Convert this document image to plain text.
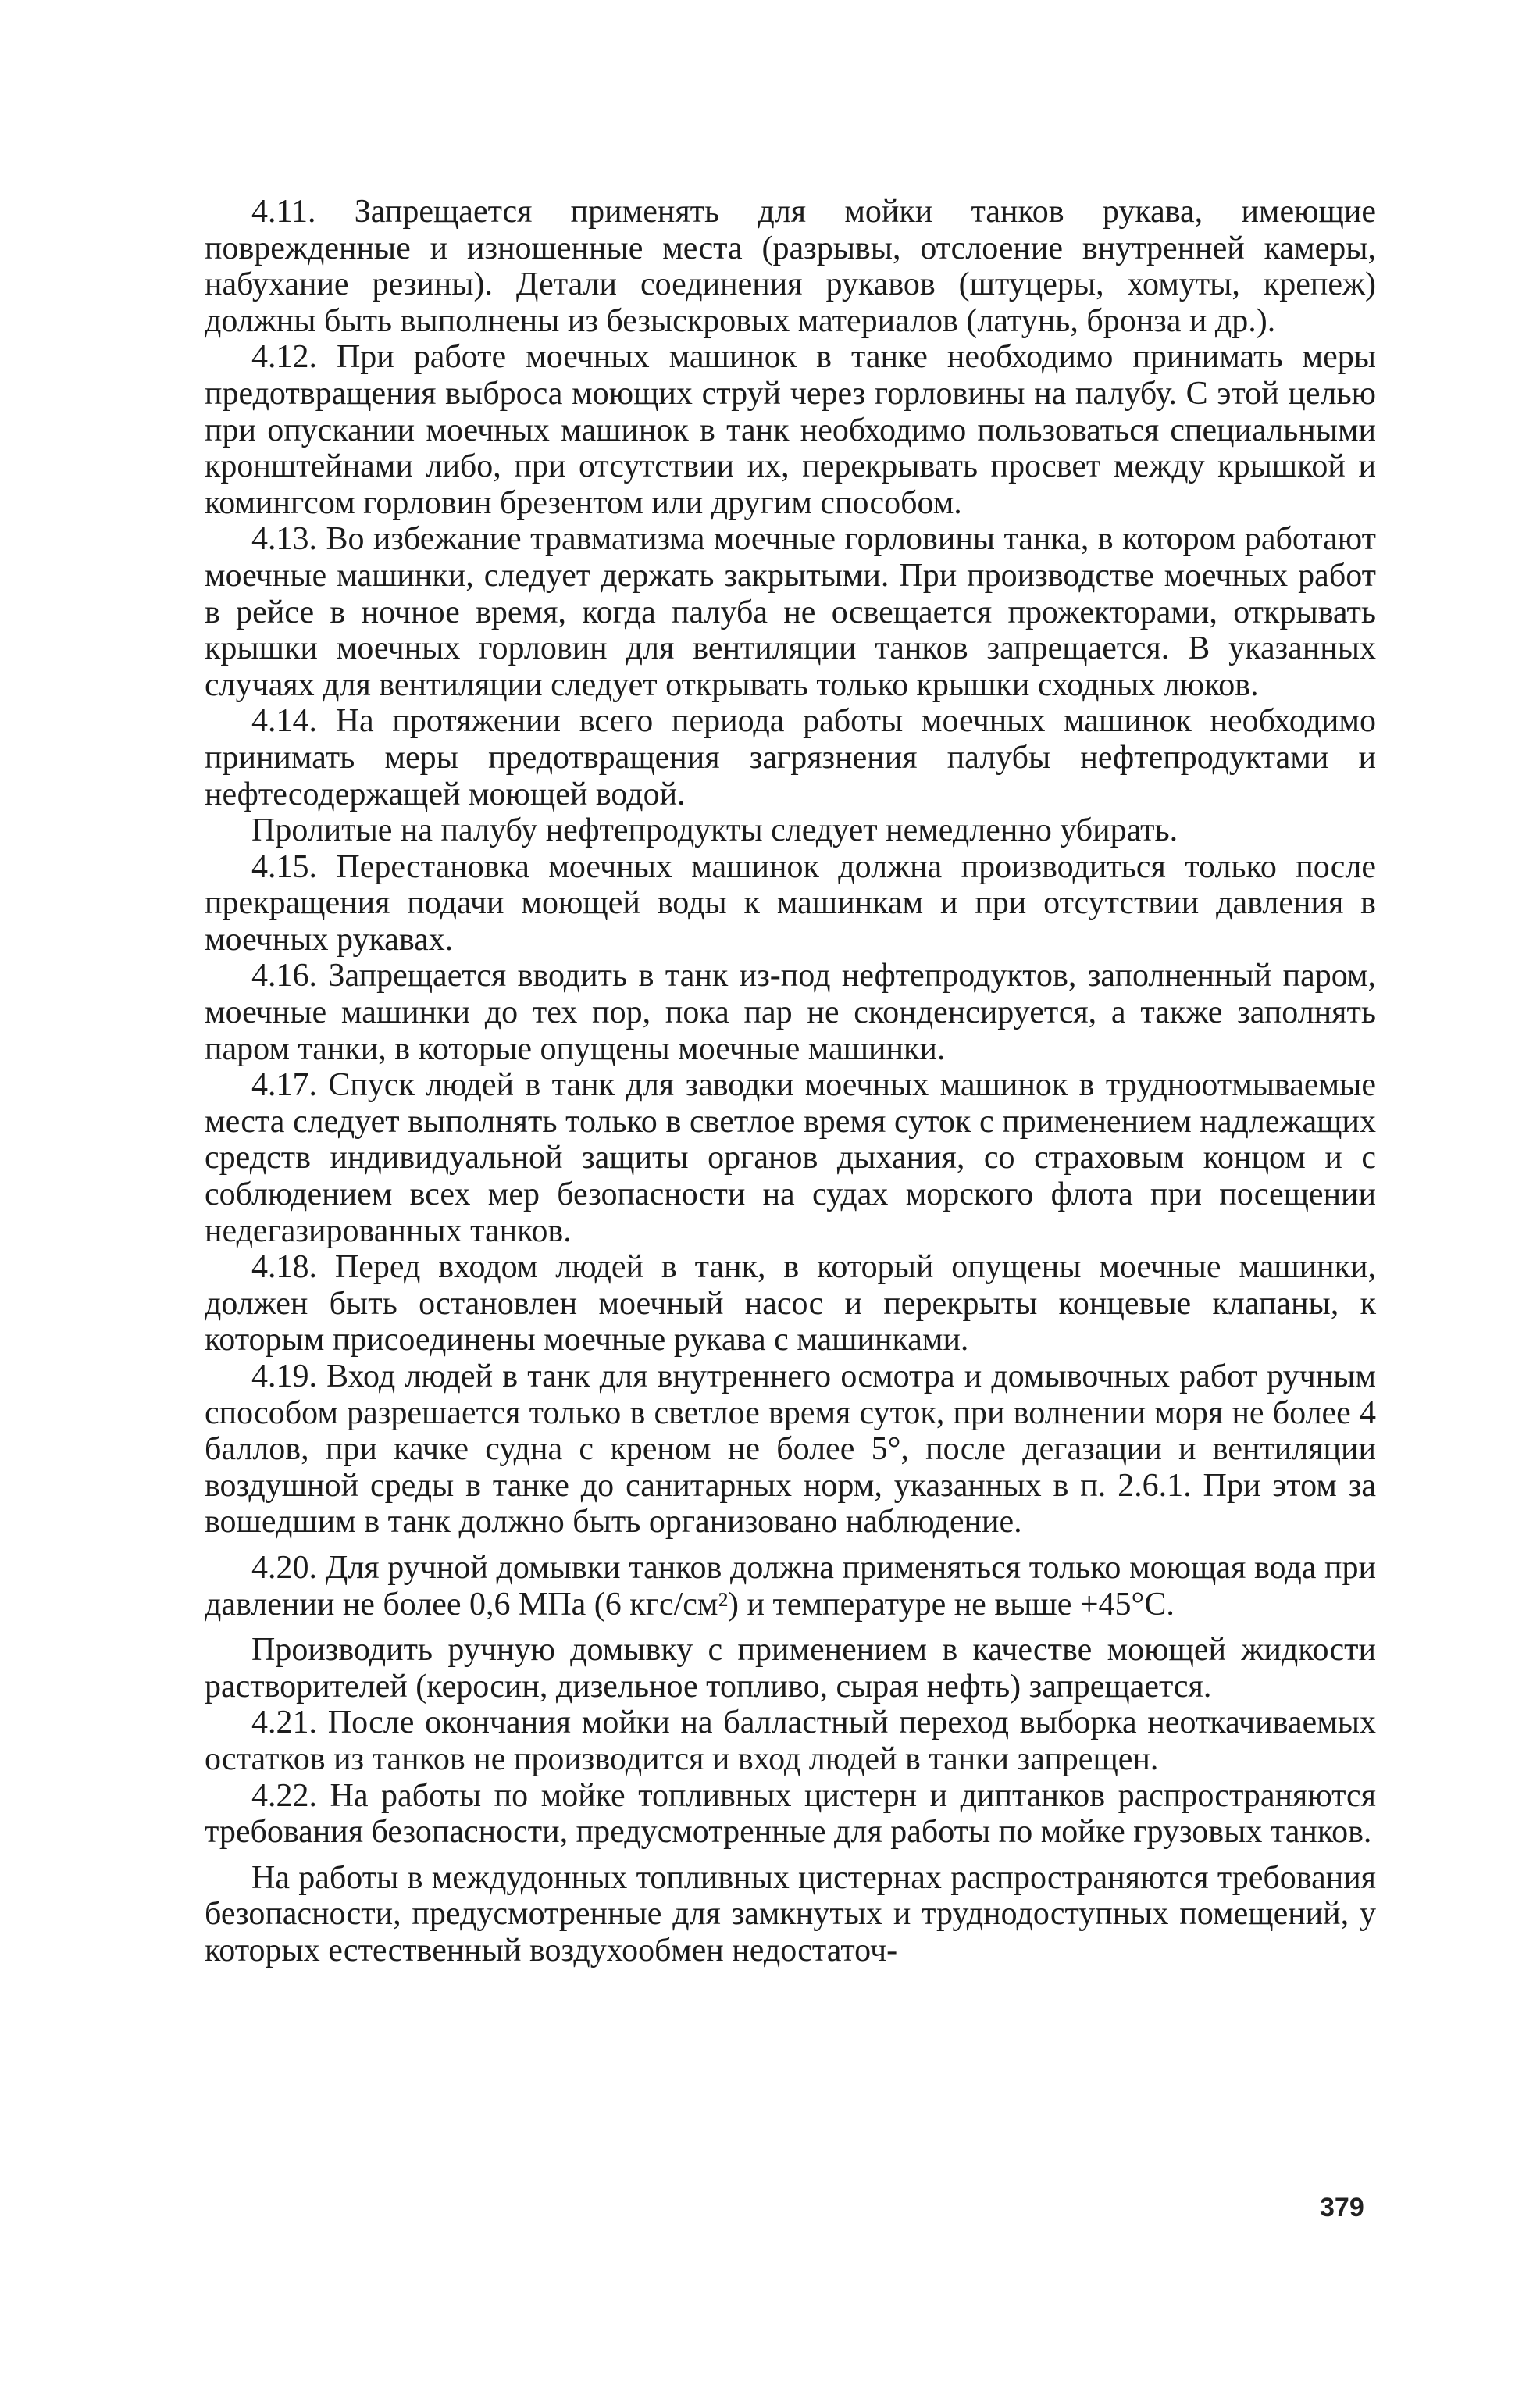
4.11. Запрещается применять для мойки танков рукава, имеющие поврежденные и изношенные места (разрывы, отслоение внутренней камеры, набухание резины). Детали соединения рукавов (штуцеры, хомуты, крепеж) должны быть выполнены из безыскровых материалов (латунь, бронза и др.).

4.12. При работе моечных машинок в танке необходимо принимать меры предотвращения выброса моющих струй через горловины на палубу. С этой целью при опускании моечных машинок в танк необходимо пользоваться специальными кронштейнами либо, при отсутствии их, перекрывать просвет между крышкой и комингсом горловин брезентом или другим способом.

4.13. Во избежание травматизма моечные горловины танка, в котором работают моечные машинки, следует держать закрытыми. При производстве моечных работ в рейсе в ночное время, когда палуба не освещается прожекторами, открывать крышки моечных горловин для вентиляции танков запрещается. В указанных случаях для вентиляции следует открывать только крышки сходных люков.

4.14. На протяжении всего периода работы моечных машинок необходимо принимать меры предотвращения загрязнения палубы нефтепродуктами и нефтесодержащей моющей водой.

Пролитые на палубу нефтепродукты следует немедленно убирать.

4.15. Перестановка моечных машинок должна производиться только после прекращения подачи моющей воды к машинкам и при отсутствии давления в моечных рукавах.

4.16. Запрещается вводить в танк из-под нефтепродуктов, заполненный паром, моечные машинки до тех пор, пока пар не сконденсируется, а также заполнять паром танки, в которые опущены моечные машинки.

4.17. Спуск людей в танк для заводки моечных машинок в трудноотмываемые места следует выполнять только в светлое время суток с применением надлежащих средств индивидуальной защиты органов дыхания, со страховым концом и с соблюдением всех мер безопасности на судах морского флота при посещении недегазированных танков.

4.18. Перед входом людей в танк, в который опущены моечные машинки, должен быть остановлен моечный насос и перекрыты концевые клапаны, к которым присоединены моечные рукава с машинками.

4.19. Вход людей в танк для внутреннего осмотра и домывочных работ ручным способом разрешается только в светлое время суток, при волнении моря не более 4 баллов, при качке судна с креном не более 5°, после дегазации и вентиляции воздушной среды в танке до санитарных норм, указанных в п. 2.6.1. При этом за вошедшим в танк должно быть организовано наблюдение.

4.20. Для ручной домывки танков должна применяться только моющая вода при давлении не более 0,6 МПа (6 кгс/см²) и температуре не выше +45°С.

Производить ручную домывку с применением в качестве моющей жидкости растворителей (керосин, дизельное топливо, сырая нефть) запрещается.

4.21. После окончания мойки на балластный переход выборка неоткачиваемых остатков из танков не производится и вход людей в танки запрещен.

4.22. На работы по мойке топливных цистерн и диптанков распространяются требования безопасности, предусмотренные для работы по мойке грузовых танков.

На работы в междудонных топливных цистернах распространяются требования безопасности, предусмотренные для замкнутых и труднодоступных помещений, у которых естественный воздухообмен недостаточ-

379
